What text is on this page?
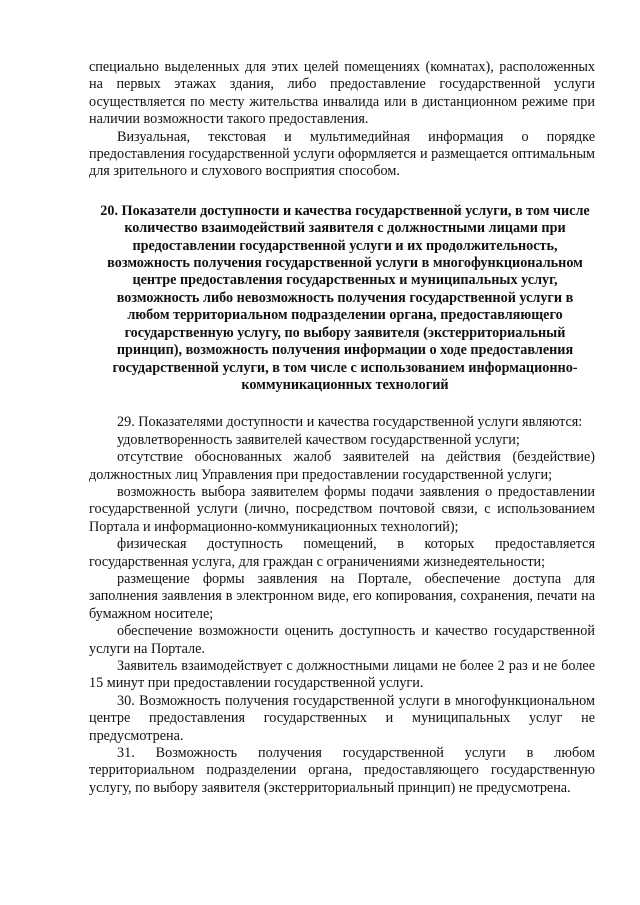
специально выделенных для этих целей помещениях (комнатах), расположенных на первых этажах здания, либо предоставление государственной услуги осуществляется по месту жительства инвалида или в дистанционном режиме при наличии возможности такого предоставления.

Визуальная, текстовая и мультимедийная информация о порядке предоставления государственной услуги оформляется и размещается оптимальным для зрительного и слухового восприятия способом.

20. Показатели доступности и качества государственной услуги, в том числе количество взаимодействий заявителя с должностными лицами при предоставлении государственной услуги и их продолжительность, возможность получения государственной услуги в многофункциональном центре предоставления государственных и муниципальных услуг, возможность либо невозможность получения государственной услуги в любом территориальном подразделении органа, предоставляющего государственную услугу, по выбору заявителя (экстерриториальный принцип), возможность получения информации о ходе предоставления государственной услуги, в том числе с использованием информационно-коммуникационных технологий

29. Показателями доступности и качества государственной услуги являются:

удовлетворенность заявителей качеством государственной услуги;

отсутствие обоснованных жалоб заявителей на действия (бездействие) должностных лиц Управления при предоставлении государственной услуги;

возможность выбора заявителем формы подачи заявления о предоставлении государственной услуги (лично, посредством почтовой связи, с использованием Портала и информационно-коммуникационных технологий);

физическая доступность помещений, в которых предоставляется государственная услуга, для граждан с ограничениями жизнедеятельности;

размещение формы заявления на Портале, обеспечение доступа для заполнения заявления в электронном виде, его копирования, сохранения, печати на бумажном носителе;

обеспечение возможности оценить доступность и качество государственной услуги на Портале.

Заявитель взаимодействует с должностными лицами не более 2 раз и не более 15 минут при предоставлении государственной услуги.

30. Возможность получения государственной услуги в многофункциональном центре предоставления государственных и муниципальных услуг не предусмотрена.

31. Возможность получения государственной услуги в любом территориальном подразделении органа, предоставляющего государственную услугу, по выбору заявителя (экстерриториальный принцип) не предусмотрена.
